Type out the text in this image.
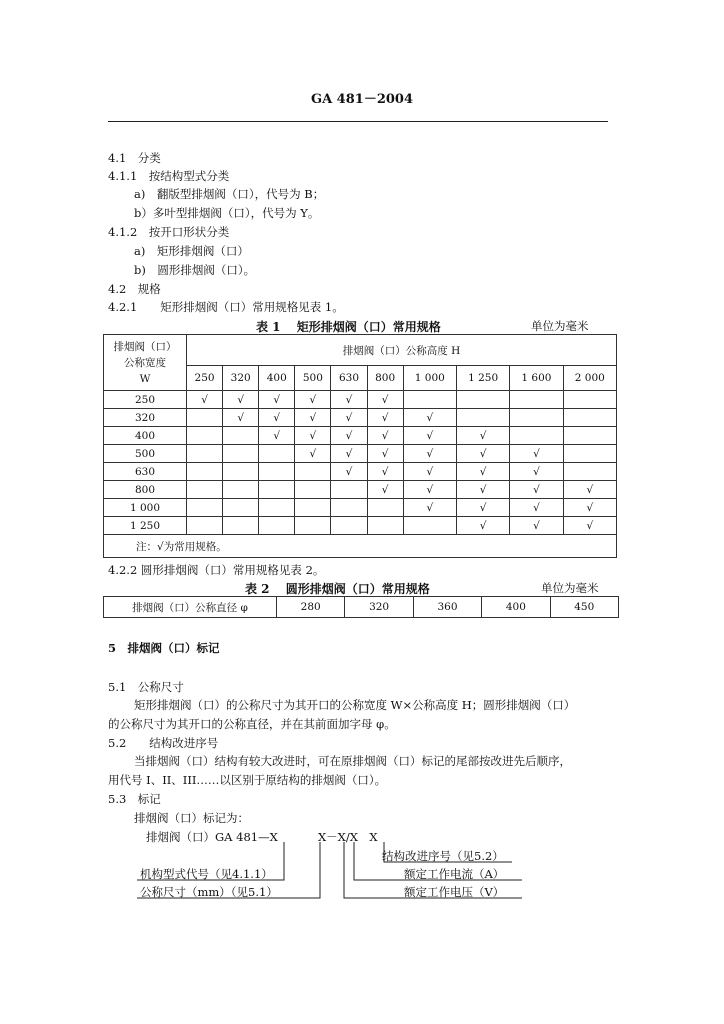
GA 481－2004
4.1　分类
4.1.1　按结构型式分类
a)　翻版型排烟阀（口），代号为 B；
b）多叶型排烟阀（口），代号为 Y。
4.1.2　按开口形状分类
a)　矩形排烟阀（口）
b)　圆形排烟阀（口）。
4.2　规格
4.2.1　　矩形排烟阀（口）常用规格见表 1。
表 1　 矩形排烟阀（口）常用规格	单位为毫米
排烟阀（口）
公称宽度
W	排烟阀（口）公称高度 H									
	250	320	400	500	630	800	1 000	1 250	1 600	2 000
250	√	√	√	√	√	√				
320		√	√	√	√	√	√			
400			√	√	√	√	√	√		
500				√	√	√	√	√	√	
630					√	√	√	√	√	
800						√	√	√	√	√
1 000							√	√	√	√
1 250								√	√	√
注：√为常用规格。										
4.2.2 圆形排烟阀（口）常用规格见表 2。
表 2　 圆形排烟阀（口）常用规格	单位为毫米
排烟阀（口）公称直径 φ	280	320	360	400	450
5　排烟阀（口）标记
5.1　公称尺寸
矩形排烟阀（口）的公称尺寸为其开口的公称宽度 W×公称高度 H；圆形排烟阀（口）
的公称尺寸为其开口的公称直径，并在其前面加字母 φ。
5.2　　结构改进序号
当排烟阀（口）结构有较大改进时，可在原排烟阀（口）标记的尾部按改进先后顺序，
用代号 I、II、III……以区别于原结构的排烟阀（口）。
5.3　标记
排烟阀（口）标记为：
排烟阀（口）GA 481—X	X－X/X　X
结构改进序号（见5.2）
额定工作电流（A）
额定工作电压（V）
机构型式代号（见4.1.1）
公称尺寸（mm）（见5.1）
